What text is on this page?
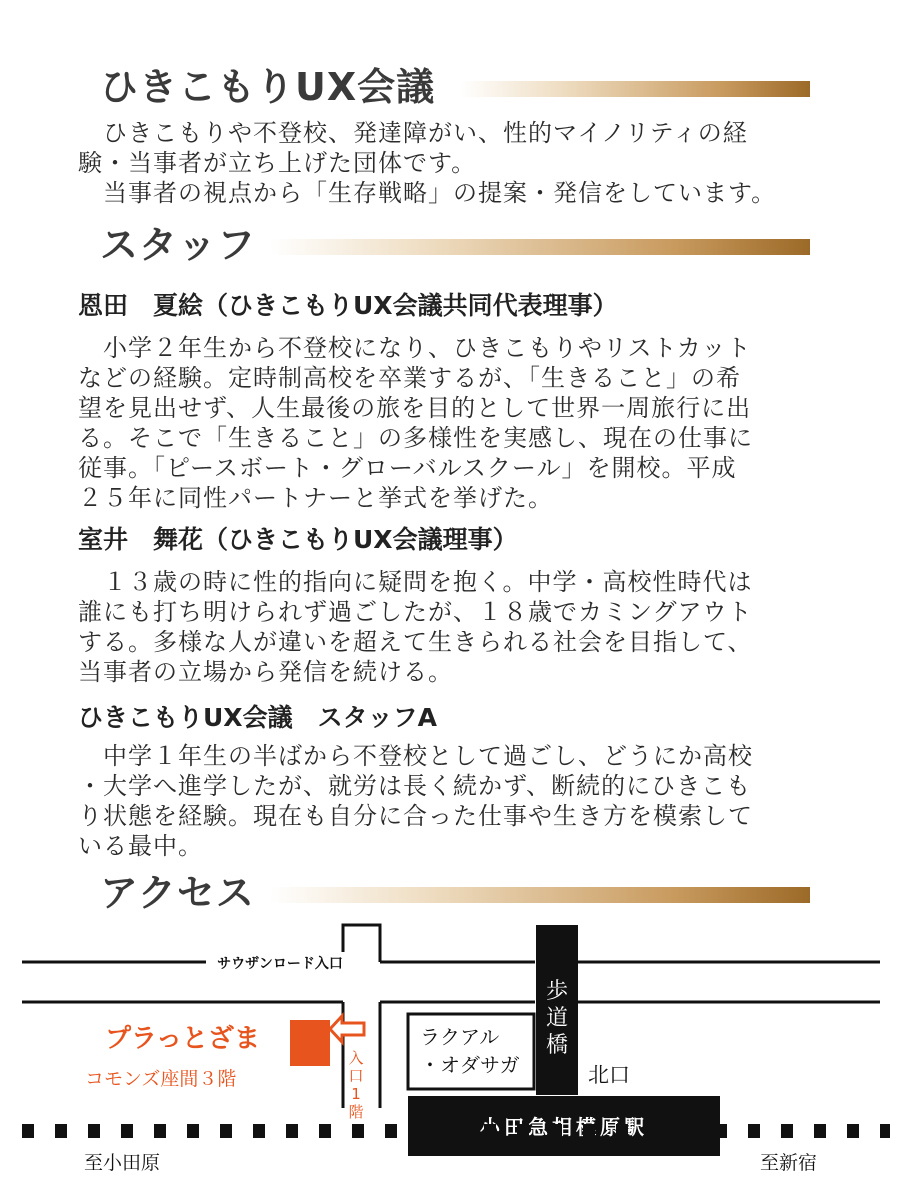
ひきこもりUX会議

　ひきこもりや不登校、発達障がい、性的マイノリティの経
験・当事者が立ち上げた団体です。
　当事者の視点から「生存戦略」の提案・発信をしています。

スタッフ

恩田　夏絵（ひきこもりUX会議共同代表理事）

　小学２年生から不登校になり、ひきこもりやリストカット
などの経験。定時制高校を卒業するが、「生きること」の希
望を見出せず、人生最後の旅を目的として世界一周旅行に出
る。そこで「生きること」の多様性を実感し、現在の仕事に
従事。「ピースボート・グローバルスクール」を開校。平成
２５年に同性パートナーと挙式を挙げた。

室井　舞花（ひきこもりUX会議理事）

　１３歳の時に性的指向に疑問を抱く。中学・高校性時代は
誰にも打ち明けられず過ごしたが、１８歳でカミングアウト
する。多様な人が違いを超えて生きられる社会を目指して、
当事者の立場から発信を続ける。

ひきこもりUX会議　スタッフA

　中学１年生の半ばから不登校として過ごし、どうにか高校
・大学へ進学したが、就労は長く続かず、断続的にひきこも
り状態を経験。現在も自分に合った仕事や生き方を模索して
いる最中。

アクセス
サウザンロード入口
プラっとざま
コモンズ座間３階
入
口
1
階
ラクアル
・オダサガ
歩
道
橋
北口
小田急相模原駅
至小田原	至新宿
